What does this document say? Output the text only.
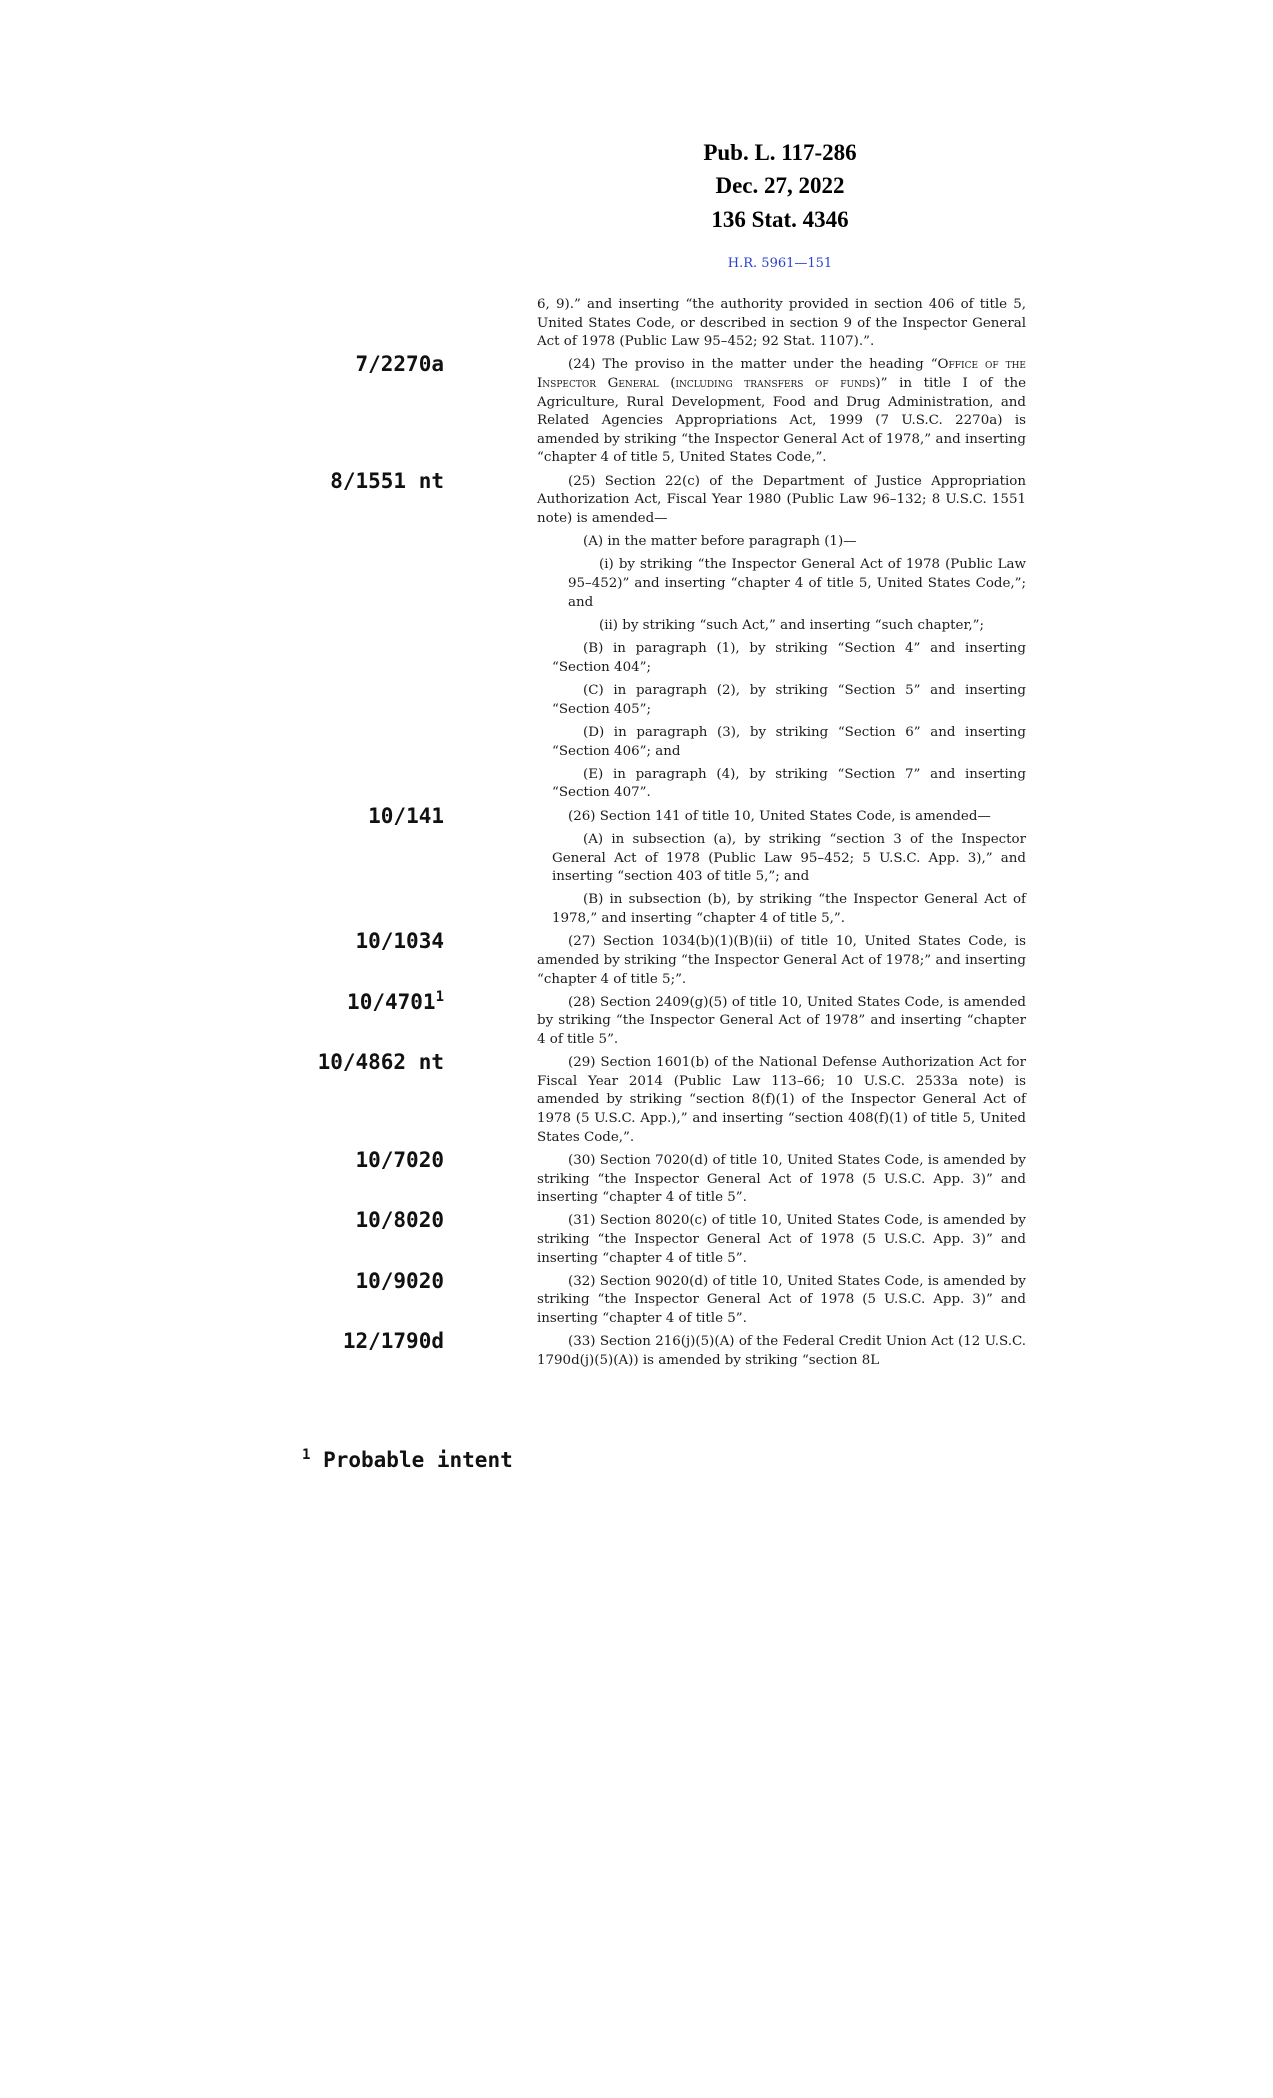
Pub. L. 117-286
Dec. 27, 2022
136 Stat. 4346
H.R. 5961—151

6, 9).” and inserting “the authority provided in section 406 of title 5, United States Code, or described in section 9 of the Inspector General Act of 1978 (Public Law 95–452; 92 Stat. 1107).”.

7/2270a	(24) The proviso in the matter under the heading “Office of the Inspector General (including transfers of funds)” in title I of the Agriculture, Rural Development, Food and Drug Administration, and Related Agencies Appropriations Act, 1999 (7 U.S.C. 2270a) is amended by striking “the Inspector General Act of 1978,” and inserting “chapter 4 of title 5, United States Code,”.

8/1551 nt	(25) Section 22(c) of the Department of Justice Appropriation Authorization Act, Fiscal Year 1980 (Public Law 96–132; 8 U.S.C. 1551 note) is amended—

(A) in the matter before paragraph (1)—

(i) by striking “the Inspector General Act of 1978 (Public Law 95–452)” and inserting “chapter 4 of title 5, United States Code,”; and

(ii) by striking “such Act,” and inserting “such chapter,”;

(B) in paragraph (1), by striking “Section 4” and inserting “Section 404”;

(C) in paragraph (2), by striking “Section 5” and inserting “Section 405”;

(D) in paragraph (3), by striking “Section 6” and inserting “Section 406”; and

(E) in paragraph (4), by striking “Section 7” and inserting “Section 407”.

10/141	(26) Section 141 of title 10, United States Code, is amended—

(A) in subsection (a), by striking “section 3 of the Inspector General Act of 1978 (Public Law 95–452; 5 U.S.C. App. 3),” and inserting “section 403 of title 5,”; and

(B) in subsection (b), by striking “the Inspector General Act of 1978,” and inserting “chapter 4 of title 5,”.

10/1034	(27) Section 1034(b)(1)(B)(ii) of title 10, United States Code, is amended by striking “the Inspector General Act of 1978;” and inserting “chapter 4 of title 5;”.

10/4701$^1$	(28) Section 2409(g)(5) of title 10, United States Code, is amended by striking “the Inspector General Act of 1978” and inserting “chapter 4 of title 5”.

10/4862 nt	(29) Section 1601(b) of the National Defense Authorization Act for Fiscal Year 2014 (Public Law 113–66; 10 U.S.C. 2533a note) is amended by striking “section 8(f)(1) of the Inspector General Act of 1978 (5 U.S.C. App.),” and inserting “section 408(f)(1) of title 5, United States Code,”.

10/7020	(30) Section 7020(d) of title 10, United States Code, is amended by striking “the Inspector General Act of 1978 (5 U.S.C. App. 3)” and inserting “chapter 4 of title 5”.

10/8020	(31) Section 8020(c) of title 10, United States Code, is amended by striking “the Inspector General Act of 1978 (5 U.S.C. App. 3)” and inserting “chapter 4 of title 5”.

10/9020	(32) Section 9020(d) of title 10, United States Code, is amended by striking “the Inspector General Act of 1978 (5 U.S.C. App. 3)” and inserting “chapter 4 of title 5”.

12/1790d	(33) Section 216(j)(5)(A) of the Federal Credit Union Act (12 U.S.C. 1790d(j)(5)(A)) is amended by striking “section 8L

$^1$ Probable intent
